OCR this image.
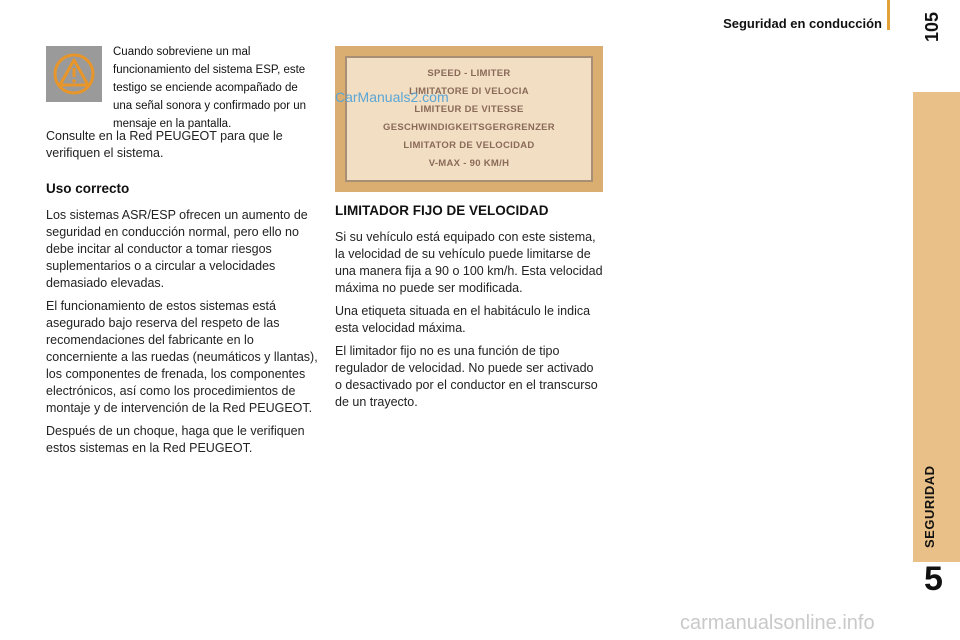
Seguridad en conducción 105
SEGURIDAD
5
Cuando sobreviene un mal funcionamiento del sistema ESP, este testigo se enciende acompañado de una señal sonora y confirmado por un mensaje en la pantalla.

Consulte en la Red PEUGEOT para que le verifiquen el sistema.

Uso correcto

Los sistemas ASR/ESP ofrecen un aumento de seguridad en conducción normal, pero ello no debe incitar al conductor a tomar riesgos suplementarios o a circular a velocidades demasiado elevadas.

El funcionamiento de estos sistemas está asegurado bajo reserva del respeto de las recomendaciones del fabricante en lo concerniente a las ruedas (neumáticos y llantas), los componentes de frenada, los componentes electrónicos, así como los procedimientos de montaje y de intervención de la Red PEUGEOT.

Después de un choque, haga que le verifiquen estos sistemas en la Red PEUGEOT.

SPEED - LIMITER
LIMITATORE DI VELOCIA
LIMITEUR DE VITESSE
GESCHWINDIGKEITSGERGRENZER
LIMITATOR DE VELOCIDAD
V-MAX - 90 KM/H
CarManuals2.com
LIMITADOR FIJO DE VELOCIDAD

Si su vehículo está equipado con este sistema, la velocidad de su vehículo puede limitarse de una manera fija a 90 o 100 km/h. Esta velocidad máxima no puede ser modificada.

Una etiqueta situada en el habitáculo le indica esta velocidad máxima.

El limitador fijo no es una función de tipo regulador de velocidad. No puede ser activado o desactivado por el conductor en el transcurso de un trayecto.

carmanualsonline.info
